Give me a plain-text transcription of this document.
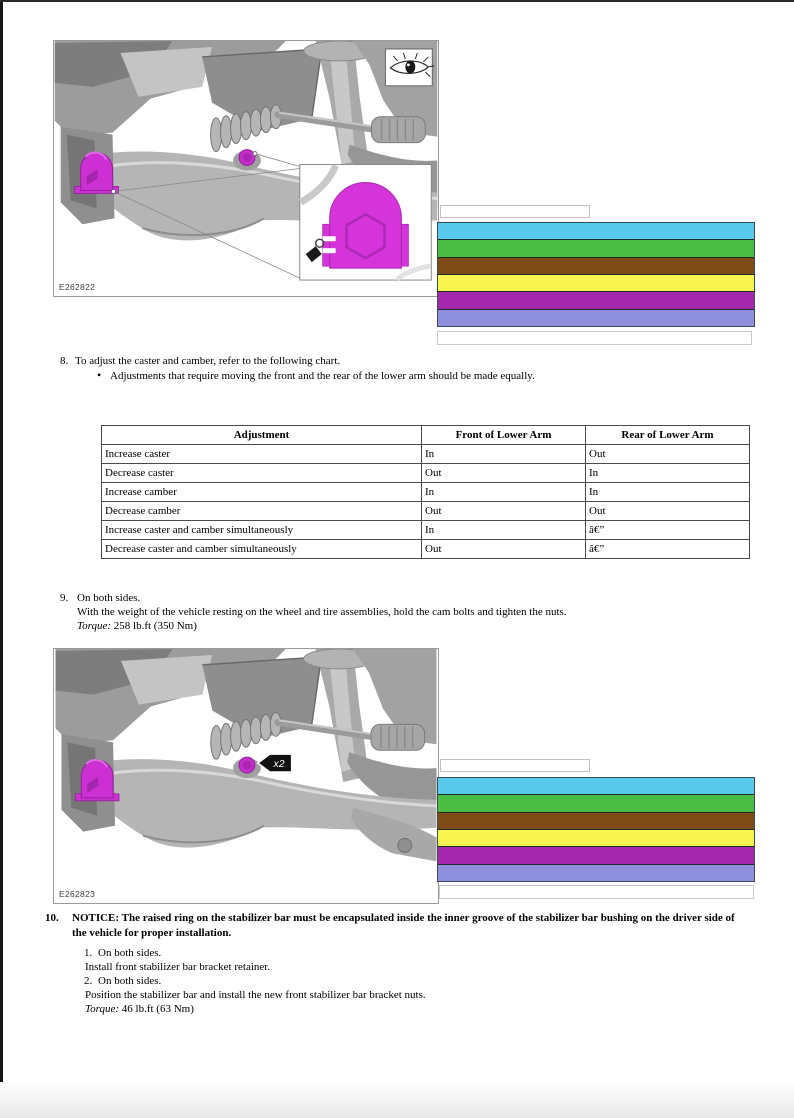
E262822
8. To adjust the caster and camber, refer to the following chart.
• Adjustments that require moving the front and the rear of the lower arm should be made equally.
Adjustment	Front of Lower Arm	Rear of Lower Arm
Increase caster	In	Out
Decrease caster	Out	In
Increase camber	In	In
Decrease camber	Out	Out
Increase caster and camber simultaneously	In	â€”
Decrease caster and camber simultaneously	Out	â€”
9. On both sides.
With the weight of the vehicle resting on the wheel and tire assemblies, hold the cam bolts and tighten the nuts.
Torque: 258 lb.ft (350 Nm)
x2
E262823
10. NOTICE: The raised ring on the stabilizer bar must be encapsulated inside the inner groove of the stabilizer bar bushing on the driver side of the vehicle for proper installation.
1. On both sides.
Install front stabilizer bar bracket retainer.
2. On both sides.
Position the stabilizer bar and install the new front stabilizer bar bracket nuts.
Torque: 46 lb.ft (63 Nm)
